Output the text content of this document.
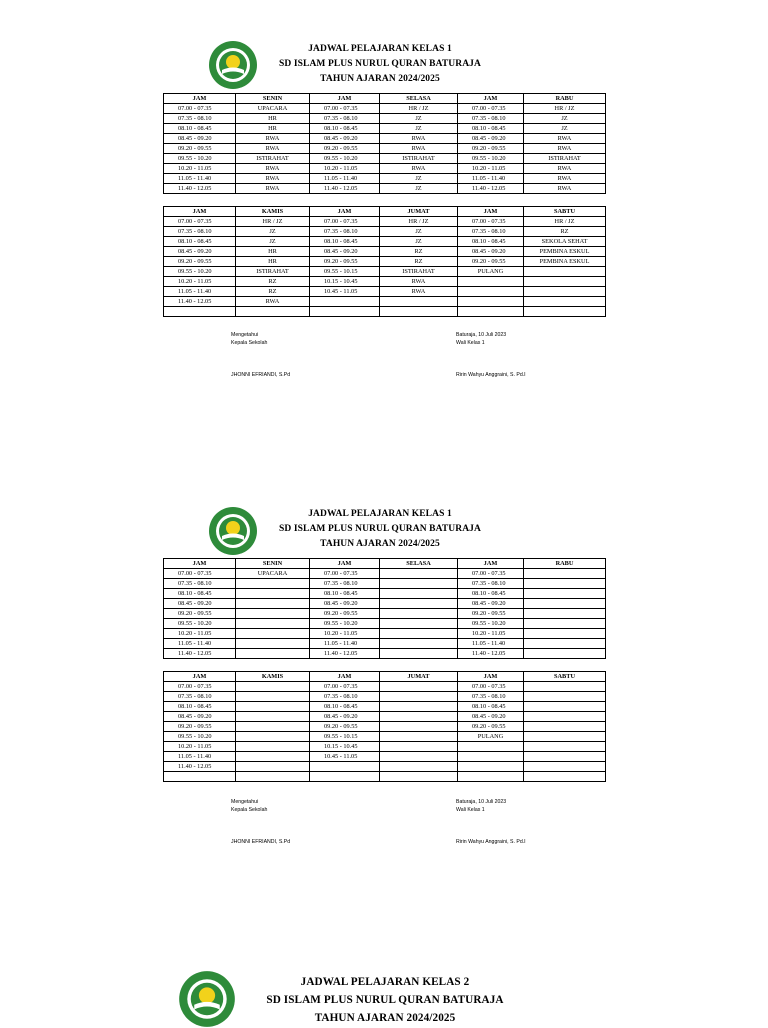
JADWAL PELAJARAN KELAS 1
SD ISLAM PLUS NURUL QURAN BATURAJA
TAHUN AJARAN 2024/2025
JAM	SENIN	JAM	SELASA	JAM	RABU
07.00 - 07.35	UPACARA	07.00 - 07.35	HR / JZ	07.00 - 07.35	HR / JZ
07.35 - 08.10	HR	07.35 - 08.10	JZ	07.35 - 08.10	JZ
08.10 - 08.45	HR	08.10 - 08.45	JZ	08.10 - 08.45	JZ
08.45 - 09.20	RWA	08.45 - 09.20	RWA	08.45 - 09.20	RWA
09.20 - 09.55	RWA	09.20 - 09.55	RWA	09.20 - 09.55	RWA
09.55 - 10.20	ISTIRAHAT	09.55 - 10.20	ISTIRAHAT	09.55 - 10.20	ISTIRAHAT
10.20 - 11.05	RWA	10.20 - 11.05	RWA	10.20 - 11.05	RWA
11.05 - 11.40	RWA	11.05 - 11.40	JZ	11.05 - 11.40	RWA
11.40 - 12.05	RWA	11.40 - 12.05	JZ	11.40 - 12.05	RWA
JAM	KAMIS	JAM	JUMAT	JAM	SABTU
07.00 - 07.35	HR / JZ	07.00 - 07.35	HR / JZ	07.00 - 07.35	HR / JZ
07.35 - 08.10	JZ	07.35 - 08.10	JZ	07.35 - 08.10	RZ
08.10 - 08.45	JZ	08.10 - 08.45	JZ	08.10 - 08.45	SEKOLA SEHAT
08.45 - 09.20	HR	08.45 - 09.20	RZ	08.45 - 09.20	PEMBINA ESKUL
09.20 - 09.55	HR	09.20 - 09.55	RZ	09.20 - 09.55	PEMBINA ESKUL
09.55 - 10.20	ISTIRAHAT	09.55 - 10.15	ISTIRAHAT	PULANG	
10.20 - 11.05	RZ	10.15 - 10.45	RWA		
11.05 - 11.40	RZ	10.45 - 11.05	RWA		
11.40 - 12.05	RWA				

Mengetahui
Kepala Sekolah
JHONNI EFRIANDI, S.Pd
Baturaja, 10 Juli 2023
Wali Kelas 1
Ririn Wahyu Anggraini, S. Pd.I
JADWAL PELAJARAN KELAS 1
SD ISLAM PLUS NURUL QURAN BATURAJA
TAHUN AJARAN 2024/2025
JAM	SENIN	JAM	SELASA	JAM	RABU
07.00 - 07.35	UPACARA	07.00 - 07.35		07.00 - 07.35	
07.35 - 08.10		07.35 - 08.10		07.35 - 08.10	
08.10 - 08.45		08.10 - 08.45		08.10 - 08.45	
08.45 - 09.20		08.45 - 09.20		08.45 - 09.20	
09.20 - 09.55		09.20 - 09.55		09.20 - 09.55	
09.55 - 10.20		09.55 - 10.20		09.55 - 10.20	
10.20 - 11.05		10.20 - 11.05		10.20 - 11.05	
11.05 - 11.40		11.05 - 11.40		11.05 - 11.40	
11.40 - 12.05		11.40 - 12.05		11.40 - 12.05	
JAM	KAMIS	JAM	JUMAT	JAM	SABTU
07.00 - 07.35		07.00 - 07.35		07.00 - 07.35	
07.35 - 08.10		07.35 - 08.10		07.35 - 08.10	
08.10 - 08.45		08.10 - 08.45		08.10 - 08.45	
08.45 - 09.20		08.45 - 09.20		08.45 - 09.20	
09.20 - 09.55		09.20 - 09.55		09.20 - 09.55	
09.55 - 10.20		09.55 - 10.15		PULANG	
10.20 - 11.05		10.15 - 10.45			
11.05 - 11.40		10.45 - 11.05			
11.40 - 12.05					

Mengetahui
Kepala Sekolah
JHONNI EFRIANDI, S.Pd
Baturaja, 10 Juli 2023
Wali Kelas 1
Ririn Wahyu Anggraini, S. Pd.I
JADWAL PELAJARAN KELAS 2
SD ISLAM PLUS NURUL QURAN BATURAJA
TAHUN AJARAN 2024/2025
